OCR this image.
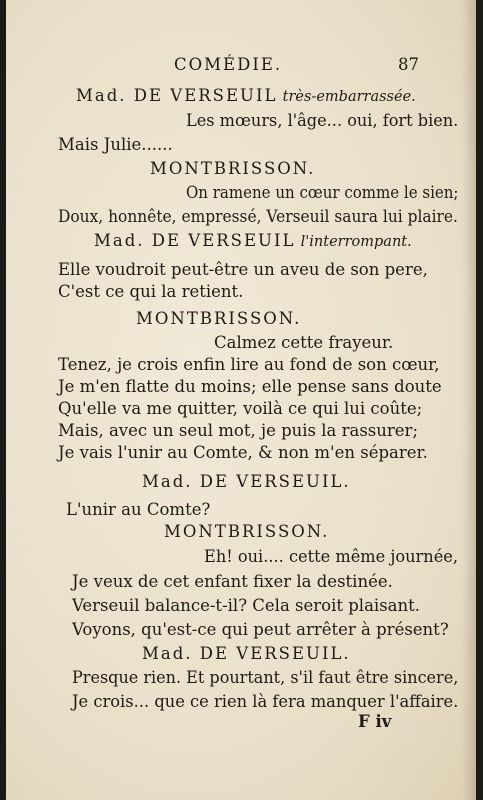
COMÉDIE.	87
Mad. DE VERSEUIL très-embarrassée.
Les mœurs, l'âge... oui, fort bien.
Mais Julie......
MONTBRISSON.
On ramene un cœur comme le sien;
Doux, honnête, empressé, Verseuil saura lui plaire.
Mad. DE VERSEUIL l'interrompant.
Elle voudroit peut-être un aveu de son pere,
C'est ce qui la retient.
MONTBRISSON.
Calmez cette frayeur.
Tenez, je crois enfin lire au fond de son cœur,
Je m'en flatte du moins; elle pense sans doute
Qu'elle va me quitter, voilà ce qui lui coûte;
Mais, avec un seul mot, je puis la rassurer;
Je vais l'unir au Comte, & non m'en séparer.
Mad. DE VERSEUIL.
L'unir au Comte?
MONTBRISSON.
Eh! oui.... cette même journée,
Je veux de cet enfant fixer la destinée.
Verseuil balance-t-il? Cela seroit plaisant.
Voyons, qu'est-ce qui peut arrêter à présent?
Mad. DE VERSEUIL.
Presque rien. Et pourtant, s'il faut être sincere,
Je crois... que ce rien là fera manquer l'affaire.
F iv
